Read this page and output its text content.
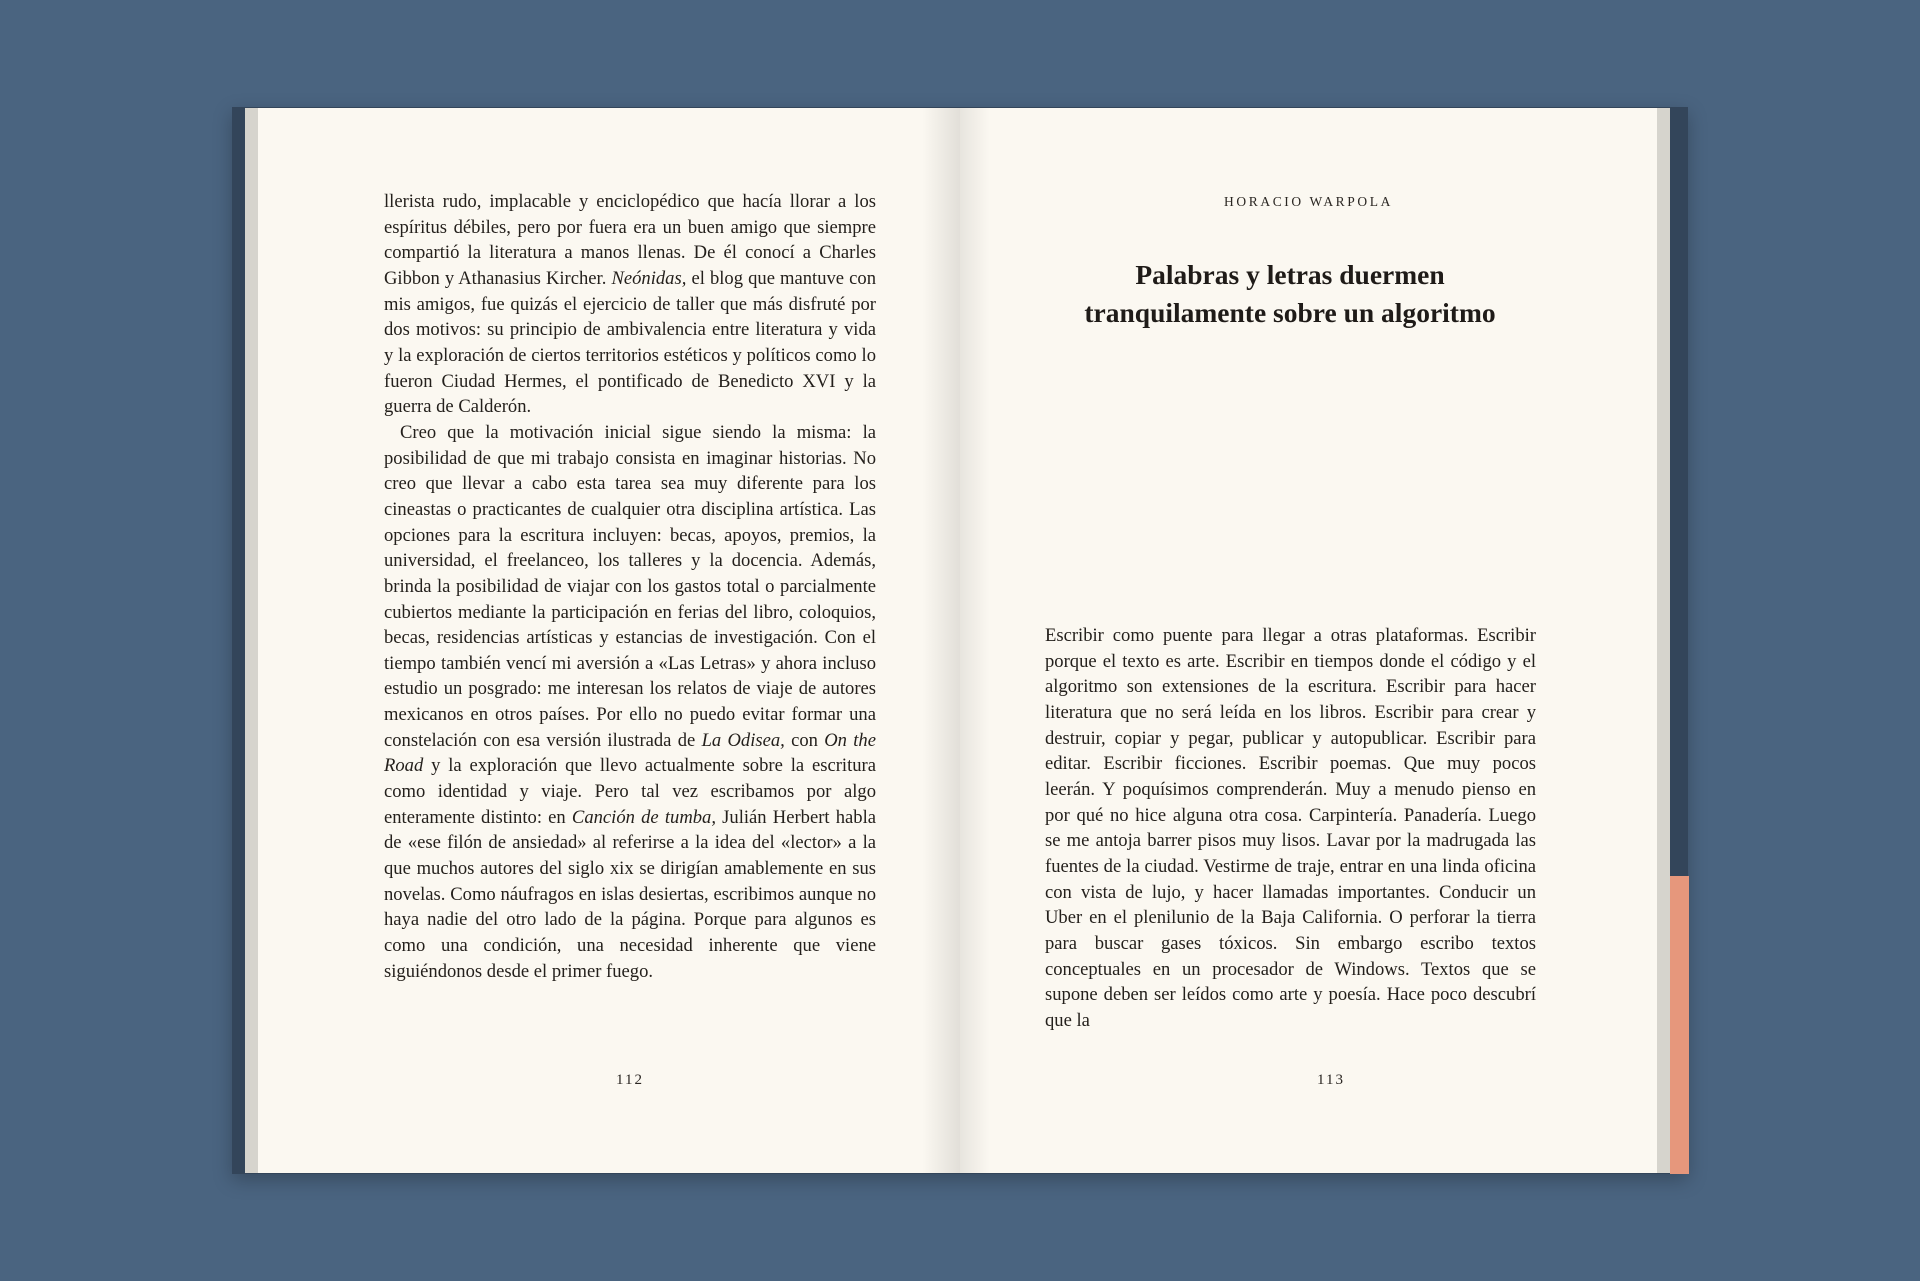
llerista rudo, implacable y enciclopédico que hacía llorar a los espíritus débiles, pero por fuera era un buen amigo que siempre compartió la literatura a manos llenas. De él conocí a Charles Gibbon y Athanasius Kircher. Neónidas, el blog que mantuve con mis amigos, fue quizás el ejercicio de taller que más disfruté por dos motivos: su principio de ambivalencia entre literatura y vida y la exploración de ciertos territorios estéticos y políticos como lo fueron Ciudad Hermes, el pontificado de Benedicto XVI y la guerra de Calderón.

Creo que la motivación inicial sigue siendo la misma: la posibilidad de que mi trabajo consista en imaginar historias. No creo que llevar a cabo esta tarea sea muy diferente para los cineastas o practicantes de cualquier otra disciplina artística. Las opciones para la escritura incluyen: becas, apoyos, premios, la universidad, el freelanceo, los talleres y la docencia. Además, brinda la posibilidad de viajar con los gastos total o parcialmente cubiertos mediante la participación en ferias del libro, coloquios, becas, residencias artísticas y estancias de investigación. Con el tiempo también vencí mi aversión a «Las Letras» y ahora incluso estudio un posgrado: me interesan los relatos de viaje de autores mexicanos en otros países. Por ello no puedo evitar formar una constelación con esa versión ilustrada de La Odisea, con On the Road y la exploración que llevo actualmente sobre la escritura como identidad y viaje. Pero tal vez escribamos por algo enteramente distinto: en Canción de tumba, Julián Herbert habla de «ese filón de ansiedad» al referirse a la idea del «lector» a la que muchos autores del siglo xix se dirigían amablemente en sus novelas. Como náufragos en islas desiertas, escribimos aunque no haya nadie del otro lado de la página. Porque para algunos es como una condición, una necesidad inherente que viene siguiéndonos desde el primer fuego.

112
HORACIO WARPOLA
Palabras y letras duermen
tranquilamente sobre un algoritmo

Escribir como puente para llegar a otras plataformas. Escribir porque el texto es arte. Escribir en tiempos donde el código y el algoritmo son extensiones de la escritura. Escribir para hacer literatura que no será leída en los libros. Escribir para crear y destruir, copiar y pegar, publicar y autopublicar. Escribir para editar. Escribir ficciones. Escribir poemas. Que muy pocos leerán. Y poquísimos comprenderán. Muy a menudo pienso en por qué no hice alguna otra cosa. Carpintería. Panadería. Luego se me antoja barrer pisos muy lisos. Lavar por la madrugada las fuentes de la ciudad. Vestirme de traje, entrar en una linda oficina con vista de lujo, y hacer llamadas importantes. Conducir un Uber en el plenilunio de la Baja California. O perforar la tierra para buscar gases tóxicos. Sin embargo escribo textos conceptuales en un procesador de Windows. Textos que se supone deben ser leídos como arte y poesía. Hace poco descubrí que la

113
